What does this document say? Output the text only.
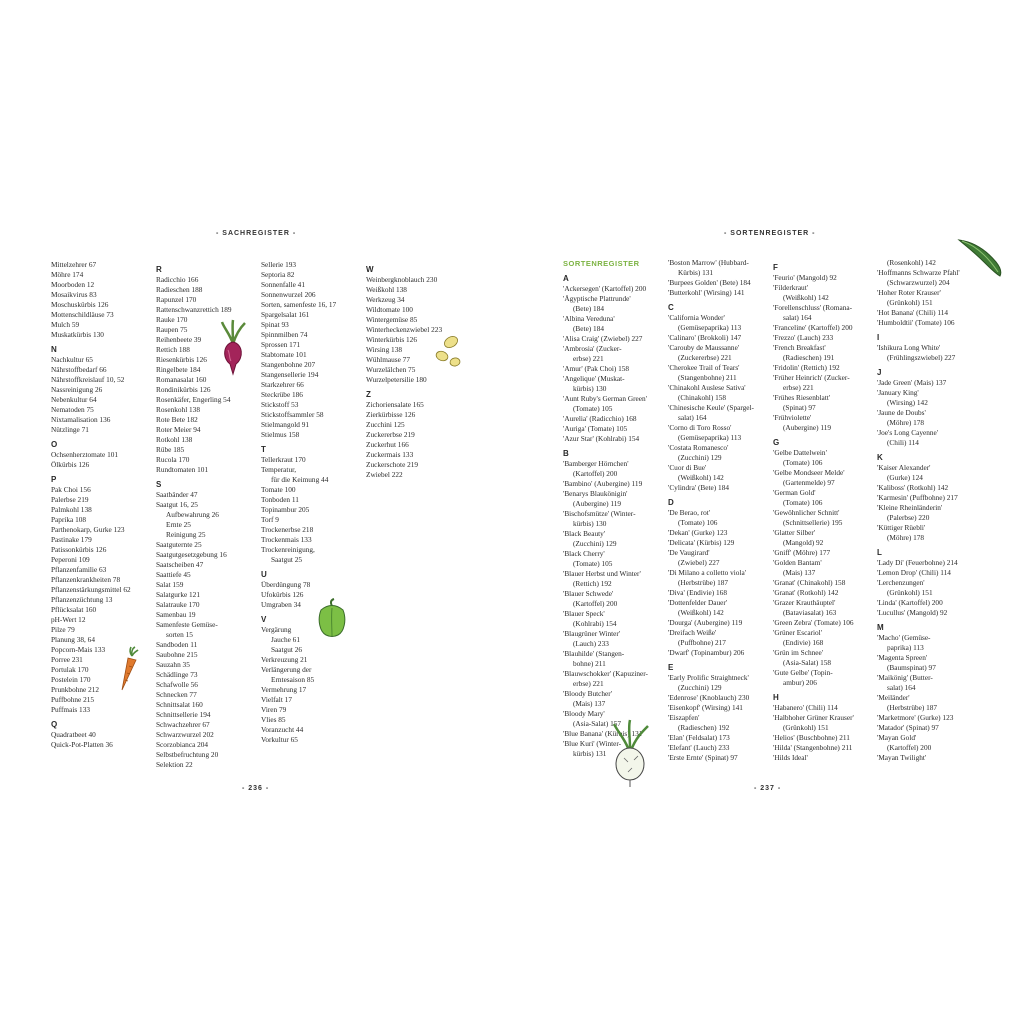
- SACHREGISTER -
Mittelzehrer 67
Möhre 174
Moorboden 12
Mosaikvirus 83
Moschuskürbis 126
Mottenschildläuse 73
Mulch 59
Muskatkürbis 130
N
Nachkultur 65
Nährstoffbedarf 66
Nährstoffkreislauf 10, 52
Nassreinigung 26
Nebenkultur 64
Nematoden 75
Nixtamalisation 136
Nützlinge 71
O
Ochsenherztomate 101
Ölkürbis 126
P
Pak Choi 156
Palerbse 219
Palmkohl 138
Paprika 108
Parthenokarp, Gurke 123
Pastinake 179
Patissonkürbis 126
Peperoni 109
Pflanzenfamilie 63
Pflanzenkrankheiten 78
Pflanzenstärkungsmittel 62
Pflanzenzüchtung 13
Pflücksalat 160
pH-Wert 12
Pilze 79
Planung 38, 64
Popcorn-Mais 133
Porree 231
Portulak 170
Postelein 170
Prunkbohne 212
Puffbohne 215
Puffmais 133
Q
Quadratbeet 40
Quick-Pot-Platten 36
R
Radicchio 166
Radieschen 188
Rapunzel 170
Rattenschwanzrettich 189
Rauke 170
Raupen 75
Reihenbeete 39
Rettich 188
Riesenkürbis 126
Ringelbete 184
Romanasalat 160
Rondinikürbis 126
Rosenkäfer, Engerling 54
Rosenkohl 138
Rote Bete 182
Roter Meier 94
Rotkohl 138
Rübe 185
Rucola 170
Rundtomaten 101
S
Saatbänder 47
Saatgut 16, 25
Aufbewahrung 26
Ernte 25
Reinigung 25
Saatguternte 25
Saatgutgesetzgebung 16
Saatscheiben 47
Saattiefe 45
Salat 159
Salatgurke 121
Salatrauke 170
Samenbau 19
Samenfeste Gemüse-
sorten 15
Sandboden 11
Saubohne 215
Sauzahn 35
Schädlinge 73
Schafwolle 56
Schnecken 77
Schnittsalat 160
Schnittsellerie 194
Schwachzehrer 67
Schwarzwurzel 202
Scorzobianca 204
Selbstbefruchtung 20
Selektion 22
Sellerie 193
Septoria 82
Sonnenfalle 41
Sonnenwurzel 206
Sorten, samenfeste 16, 17
Spargelsalat 161
Spinat 93
Spinnmilben 74
Sprossen 171
Stabtomate 101
Stangenbohne 207
Stangensellerie 194
Starkzehrer 66
Steckrübe 186
Stickstoff 53
Stickstoffsammler 58
Stielmangold 91
Stielmus 158
T
Tellerkraut 170
Temperatur,
für die Keimung 44
Tomate 100
Tonboden 11
Topinambur 205
Torf 9
Trockenerbse 218
Trockenmais 133
Trockenreinigung,
Saatgut 25
U
Überdüngung 78
Ufokürbis 126
Umgraben 34
V
Vergärung
Jauche 61
Saatgut 26
Verkreuzung 21
Verlängerung der
Erntesaison 85
Vermehrung 17
Vielfalt 17
Viren 79
Vlies 85
Voranzucht 44
Vorkultur 65
W
Weinbergknoblauch 230
Weißkohl 138
Werkzeug 34
Wildtomate 100
Wintergemüse 85
Winterheckenzwiebel 223
Winterkürbis 126
Wirsing 138
Wühlmause 77
Wurzelälchen 75
Wurzelpetersilie 180
Z
Zichoriensalate 165
Zierkürbisse 126
Zucchini 125
Zuckererbse 219
Zuckerhut 166
Zuckermais 133
Zuckerschote 219
Zwiebel 222
- 236 -
- SORTENREGISTER -
SORTENREGISTER
A
'Ackersegen' (Kartoffel) 200
'Ägyptische Plattrunde'
(Bete) 184
'Albina Vereduna'
(Bete) 184
'Alisa Craig' (Zwiebel) 227
'Ambrosia' (Zucker-
erbse) 221
'Amur' (Pak Choi) 158
'Angelique' (Muskat-
kürbis) 130
'Aunt Ruby's German Green'
(Tomate) 105
'Aurelia' (Radicchio) 168
'Auriga' (Tomate) 105
'Azur Star' (Kohlrabi) 154
B
'Bamberger Hörnchen'
(Kartoffel) 200
'Bambino' (Aubergine) 119
'Benarys Blaukönigin'
(Aubergine) 119
'Bischofsmütze' (Winter-
kürbis) 130
'Black Beauty'
(Zucchini) 129
'Black Cherry'
(Tomate) 105
'Blauer Herbst und Winter'
(Rettich) 192
'Blauer Schwede'
(Kartoffel) 200
'Blauer Speck'
(Kohlrabi) 154
'Blaugrüner Winter'
(Lauch) 233
'Blauhilde' (Stangen-
bohne) 211
'Blauwschokker' (Kapuziner-
erbse) 221
'Bloody Butcher'
(Mais) 137
'Bloody Mary'
(Asia-Salat) 157
'Blue Banana' (Kürbis) 131
'Blue Kuri' (Winter-
kürbis) 131
'Boston Marrow' (Hubbard-
Kürbis) 131
'Burpees Golden' (Bete) 184
'Butterkohl' (Wirsing) 141
C
'California Wonder'
(Gemüsepaprika) 113
'Calinaro' (Brokkoli) 147
'Carouby de Maussanne'
(Zuckererbse) 221
'Cherokee Trail of Tears'
(Stangenbohne) 211
'Chinakohl Auslese Sativa'
(Chinakohl) 158
'Chinesische Keule' (Spargel-
salat) 164
'Corno di Toro Rosso'
(Gemüsepaprika) 113
'Costata Romanesco'
(Zucchini) 129
'Cuor di Bue'
(Weißkohl) 142
'Cylindra' (Bete) 184
D
'De Berao, rot'
(Tomate) 106
'Dekan' (Gurke) 123
'Delicata' (Kürbis) 129
'De Vaugirard'
(Zwiebel) 227
'Di Milano a colletto viola'
(Herbstrübe) 187
'Diva' (Endivie) 168
'Dottenfelder Dauer'
(Weißkohl) 142
'Dourga' (Aubergine) 119
'Dreifach Weiße'
(Puffbohne) 217
'Dwarf' (Topinambur) 206
E
'Early Prolific Straightneck'
(Zucchini) 129
'Edenrose' (Knoblauch) 230
'Eisenkopf' (Wirsing) 141
'Eiszapfen'
(Radieschen) 192
'Elan' (Feldsalat) 173
'Elefant' (Lauch) 233
'Erste Ernte' (Spinat) 97
F
'Feurio' (Mangold) 92
'Filderkraut'
(Weißkohl) 142
'Forellenschluss' (Romana-
salat) 164
'Franceline' (Kartoffel) 200
'Frezzo' (Lauch) 233
'French Breakfast'
(Radieschen) 191
'Fridolin' (Rettich) 192
'Früher Heinrich' (Zucker-
erbse) 221
'Frühes Riesenblatt'
(Spinat) 97
'Frühviolette'
(Aubergine) 119
G
'Gelbe Dattelwein'
(Tomate) 106
'Gelbe Mondseer Melde'
(Gartenmelde) 97
'German Gold'
(Tomate) 106
'Gewöhnlicher Schnitt'
(Schnittsellerie) 195
'Glatter Silber'
(Mangold) 92
'Gniff' (Möhre) 177
'Golden Bantam'
(Mais) 137
'Granat' (Chinakohl) 158
'Granat' (Rotkohl) 142
'Grazer Krauthäuptel'
(Bataviasalat) 163
'Green Zebra' (Tomate) 106
'Grüner Escariol'
(Endivie) 168
'Grün im Schnee'
(Asia-Salat) 158
'Gute Gelbe' (Topin-
ambur) 206
H
'Habanero' (Chili) 114
'Halbhoher Grüner Krauser'
(Grünkohl) 151
'Helios' (Buschbohne) 211
'Hilda' (Stangenbohne) 211
'Hilds Ideal'
(Rosenkohl) 142
'Hoffmanns Schwarze Pfahl'
(Schwarzwurzel) 204
'Hoher Roter Krauser'
(Grünkohl) 151
'Hot Banana' (Chili) 114
'Humboldtii' (Tomate) 106
I
'Ishikura Long White'
(Frühlingszwiebel) 227
J
'Jade Green' (Mais) 137
'January King'
(Wirsing) 142
'Jaune de Doubs'
(Möhre) 178
'Joe's Long Cayenne'
(Chili) 114
K
'Kaiser Alexander'
(Gurke) 124
'Kaliboss' (Rotkohl) 142
'Karmesin' (Puffbohne) 217
'Kleine Rheinländerin'
(Palerbse) 220
'Küttiger Rüebli'
(Möhre) 178
L
'Lady Di' (Feuerbohne) 214
'Lemon Drop' (Chili) 114
'Lerchenzungen'
(Grünkohl) 151
'Linda' (Kartoffel) 200
'Lucullus' (Mangold) 92
M
'Macho' (Gemüse-
paprika) 113
'Magenta Spreen'
(Baumspinat) 97
'Maikönig' (Butter-
salat) 164
'Meiländer'
(Herbstrübe) 187
'Marketmore' (Gurke) 123
'Matador' (Spinat) 97
'Mayan Gold'
(Kartoffel) 200
'Mayan Twilight'
- 237 -
